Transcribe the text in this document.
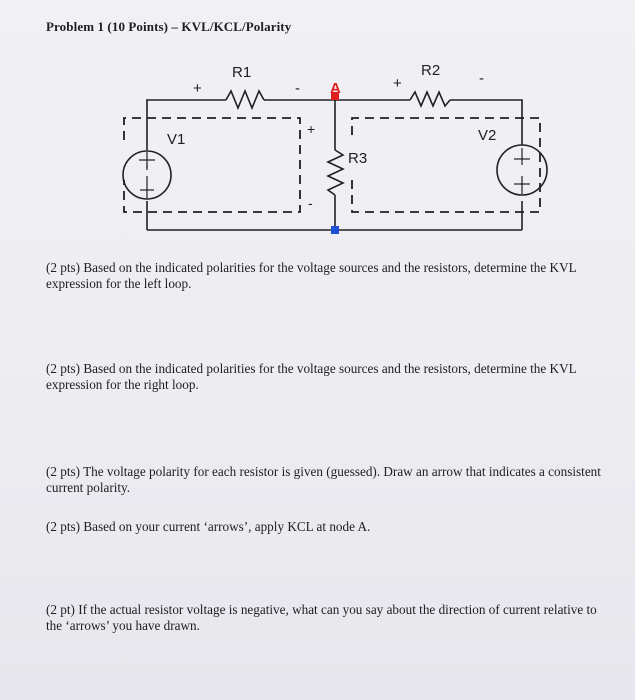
Problem 1 (10 Points) – KVL/KCL/Polarity
R1	R2
R3
V1	V2
A
+	-	+	-
+
-
(2 pts) Based on the indicated polarities for the voltage sources and the resistors, determine the KVL expression for the left loop.
(2 pts) Based on the indicated polarities for the voltage sources and the resistors, determine the KVL expression for the right loop.
(2 pts) The voltage polarity for each resistor is given (guessed). Draw an arrow that indicates a consistent current polarity.
(2 pts) Based on your current ‘arrows’, apply KCL at node A.
(2 pt) If the actual resistor voltage is negative, what can you say about the direction of current relative to the ‘arrows’ you have drawn.
